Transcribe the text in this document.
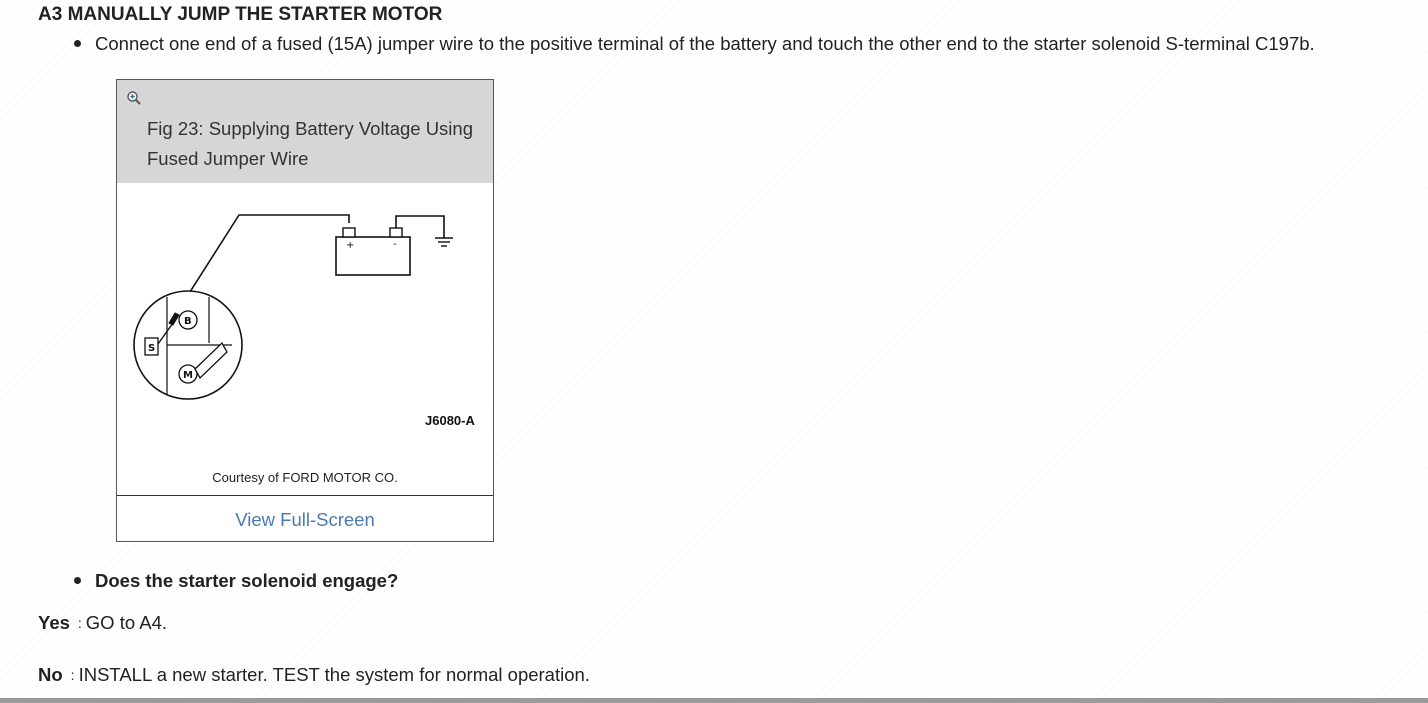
A3 MANUALLY JUMP THE STARTER MOTOR
Connect one end of a fused (15A) jumper wire to the positive terminal of the battery and touch the other end to the starter solenoid S-terminal C197b.
Fig 23: Supplying Battery Voltage Using Fused Jumper Wire
+	-
S
B
M
J6080-A
Courtesy of FORD MOTOR CO.
View Full-Screen
Does the starter solenoid engage?
Yes : GO to A4.
No : INSTALL a new starter. TEST the system for normal operation.
